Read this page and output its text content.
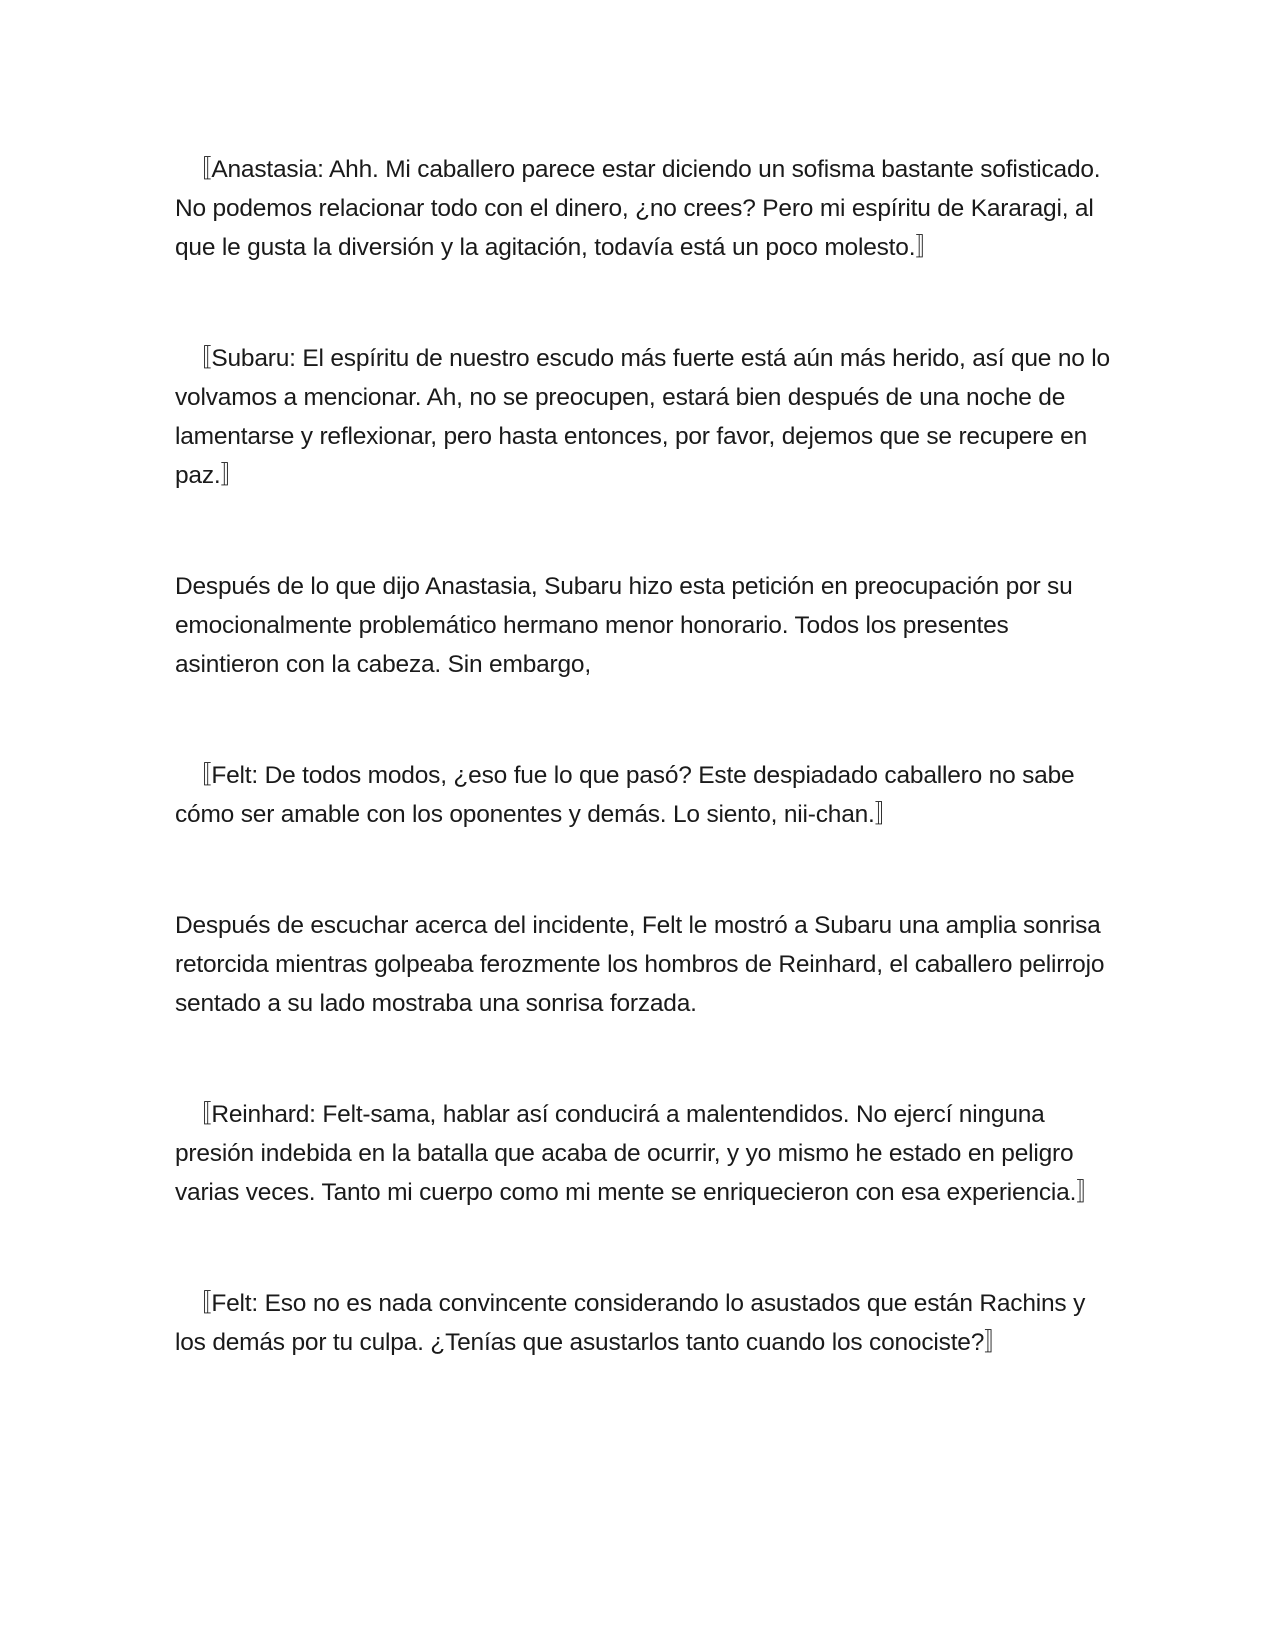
　〚Anastasia: Ahh. Mi caballero parece estar diciendo un sofisma bastante sofisticado. No podemos relacionar todo con el dinero, ¿no crees? Pero mi espíritu de Kararagi, al que le gusta la diversión y la agitación, todavía está un poco molesto.〛

　〚Subaru: El espíritu de nuestro escudo más fuerte está aún más herido, así que no lo volvamos a mencionar. Ah, no se preocupen, estará bien después de una noche de lamentarse y reflexionar, pero hasta entonces, por favor, dejemos que se recupere en paz.〛

Después de lo que dijo Anastasia, Subaru hizo esta petición en preocupación por su emocionalmente problemático hermano menor honorario. Todos los presentes asintieron con la cabeza. Sin embargo,

　〚Felt: De todos modos, ¿eso fue lo que pasó? Este despiadado caballero no sabe cómo ser amable con los oponentes y demás. Lo siento, nii-chan.〛

Después de escuchar acerca del incidente, Felt le mostró a Subaru una amplia sonrisa retorcida mientras golpeaba ferozmente los hombros de Reinhard, el caballero pelirrojo sentado a su lado mostraba una sonrisa forzada.

　〚Reinhard: Felt-sama, hablar así conducirá a malentendidos. No ejercí ninguna presión indebida en la batalla que acaba de ocurrir, y yo mismo he estado en peligro varias veces. Tanto mi cuerpo como mi mente se enriquecieron con esa experiencia.〛

　〚Felt: Eso no es nada convincente considerando lo asustados que están Rachins y los demás por tu culpa. ¿Tenías que asustarlos tanto cuando los conociste?〛
